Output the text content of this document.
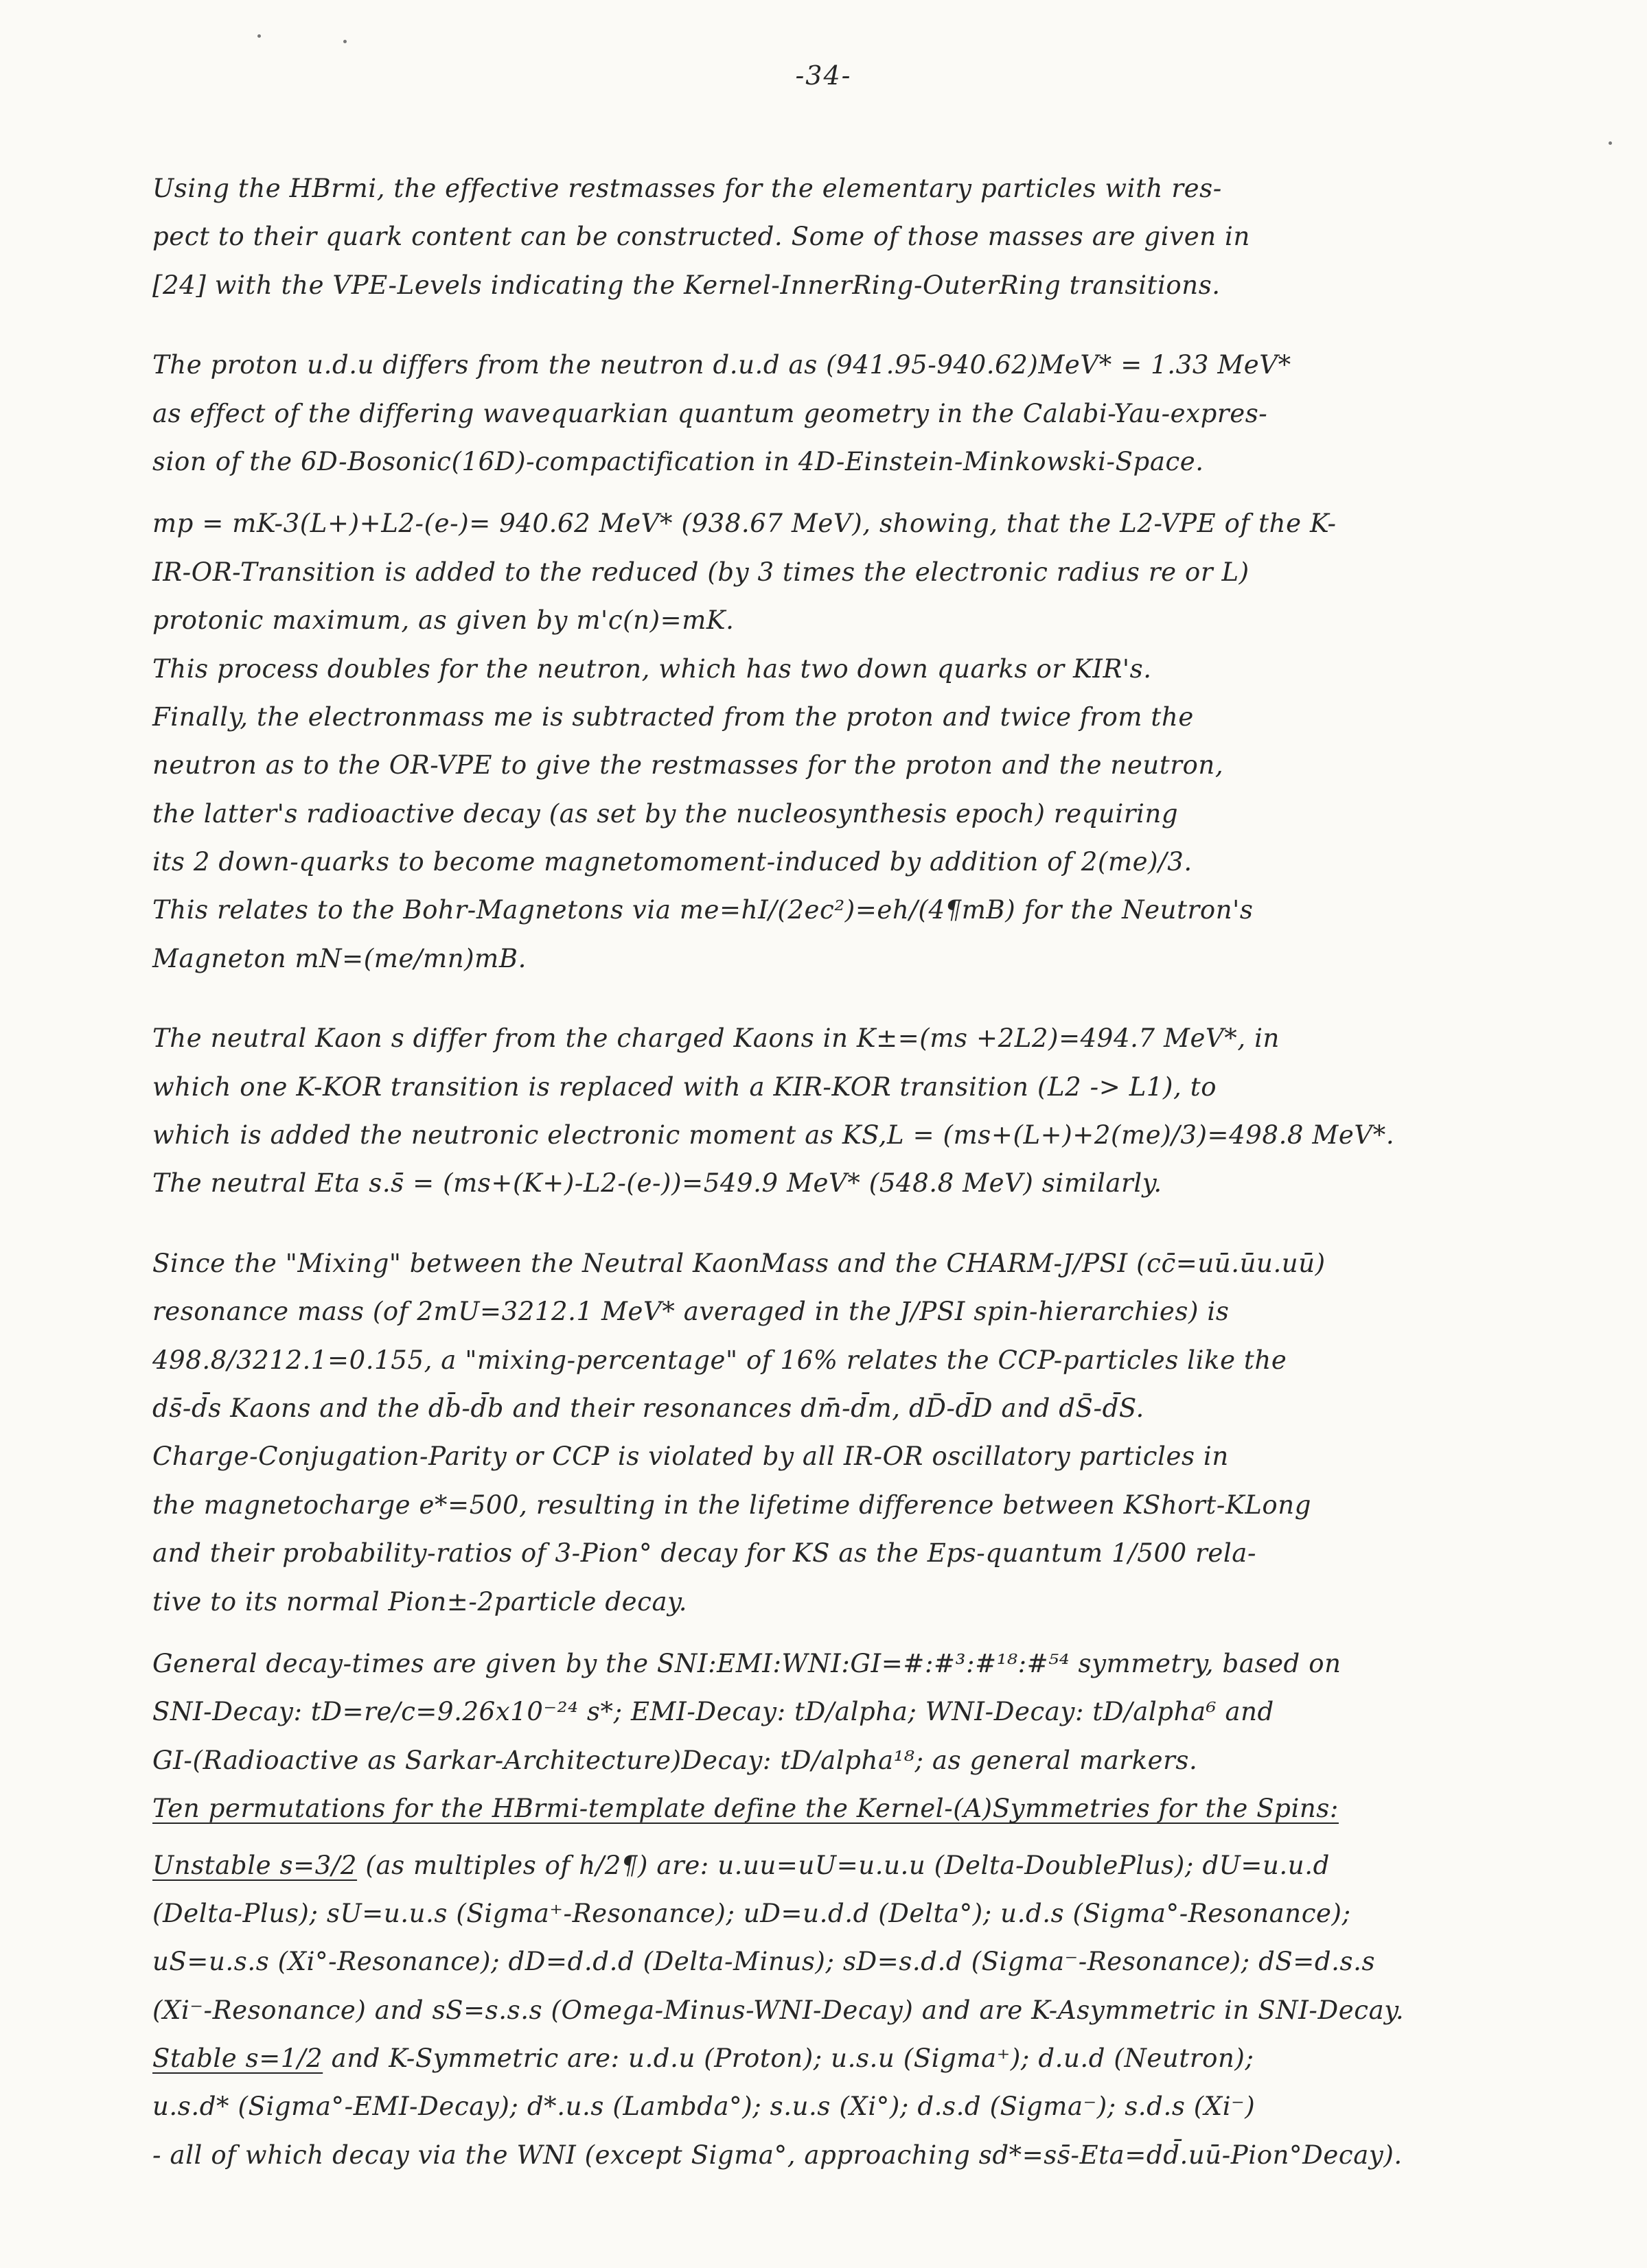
-34-
Using the HBrmi, the effective restmasses for the elementary particles with res-
pect to their quark content can be constructed. Some of those masses are given in
[24] with the VPE-Levels indicating the Kernel-InnerRing-OuterRing transitions.
The proton u.d.u differs from the neutron d.u.d as (941.95-940.62)MeV* = 1.33 MeV*
as effect of the differing wavequarkian quantum geometry in the Calabi-Yau-expres-
sion of the 6D-Bosonic(16D)-compactification in 4D-Einstein-Minkowski-Space.
mp = mK-3(L+)+L2-(e-)= 940.62 MeV* (938.67 MeV), showing, that the L2-VPE of the K-
IR-OR-Transition is added to the reduced (by 3 times the electronic radius re or L)
protonic maximum, as given by m'c(n)=mK.
This process doubles for the neutron, which has two down quarks or KIR's.
Finally, the electronmass me is subtracted from the proton and twice from the
neutron as to the OR-VPE to give the restmasses for the proton and the neutron,
the latter's radioactive decay (as set by the nucleosynthesis epoch) requiring
its 2 down-quarks to become magnetomoment-induced by addition of 2(me)/3.
This relates to the Bohr-Magnetons via me=hI/(2ec²)=eh/(4¶mB) for the Neutron's
Magneton mN=(me/mn)mB.
The neutral Kaon s differ from the charged Kaons in K±=(ms +2L2)=494.7 MeV*, in
which one K-KOR transition is replaced with a KIR-KOR transition (L2 -> L1), to
which is added the neutronic electronic moment as KS,L = (ms+(L+)+2(me)/3)=498.8 MeV*.
The neutral Eta s.s̄ = (ms+(K+)-L2-(e-))=549.9 MeV* (548.8 MeV) similarly.
Since the "Mixing" between the Neutral KaonMass and the CHARM-J/PSI (cc̄=uū.ūu.uū)
resonance mass (of 2mU=3212.1 MeV* averaged in the J/PSI spin-hierarchies) is
498.8/3212.1=0.155, a "mixing-percentage" of 16% relates the CCP-particles like the
ds̄-d̄s Kaons and the db̄-d̄b and their resonances dm̄-d̄m, dD̄-d̄D and dS̄-d̄S.
Charge-Conjugation-Parity or CCP is violated by all IR-OR oscillatory particles in
the magnetocharge e*=500, resulting in the lifetime difference between KShort-KLong
and their probability-ratios of 3-Pion° decay for KS as the Eps-quantum 1/500 rela-
tive to its normal Pion±-2particle decay.
General decay-times are given by the SNI:EMI:WNI:GI=#:#³:#¹⁸:#⁵⁴ symmetry, based on
SNI-Decay: tD=re/c=9.26x10⁻²⁴ s*; EMI-Decay: tD/alpha; WNI-Decay: tD/alpha⁶ and
GI-(Radioactive as Sarkar-Architecture)Decay: tD/alpha¹⁸; as general markers.
Ten permutations for the HBrmi-template define the Kernel-(A)Symmetries for the Spins:
Unstable s=3/2 (as multiples of h/2¶) are: u.uu=uU=u.u.u (Delta-DoublePlus); dU=u.u.d
(Delta-Plus); sU=u.u.s (Sigma⁺-Resonance); uD=u.d.d (Delta°); u.d.s (Sigma°-Resonance);
uS=u.s.s (Xi°-Resonance); dD=d.d.d (Delta-Minus); sD=s.d.d (Sigma⁻-Resonance); dS=d.s.s
(Xi⁻-Resonance) and sS=s.s.s (Omega-Minus-WNI-Decay) and are K-Asymmetric in SNI-Decay.
Stable s=1/2 and K-Symmetric are: u.d.u (Proton); u.s.u (Sigma⁺); d.u.d (Neutron);
u.s.d* (Sigma°-EMI-Decay); d*.u.s (Lambda°); s.u.s (Xi°); d.s.d (Sigma⁻); s.d.s (Xi⁻)
- all of which decay via the WNI (except Sigma°, approaching sd*=ss̄-Eta=dd̄.uū-Pion°Decay).
